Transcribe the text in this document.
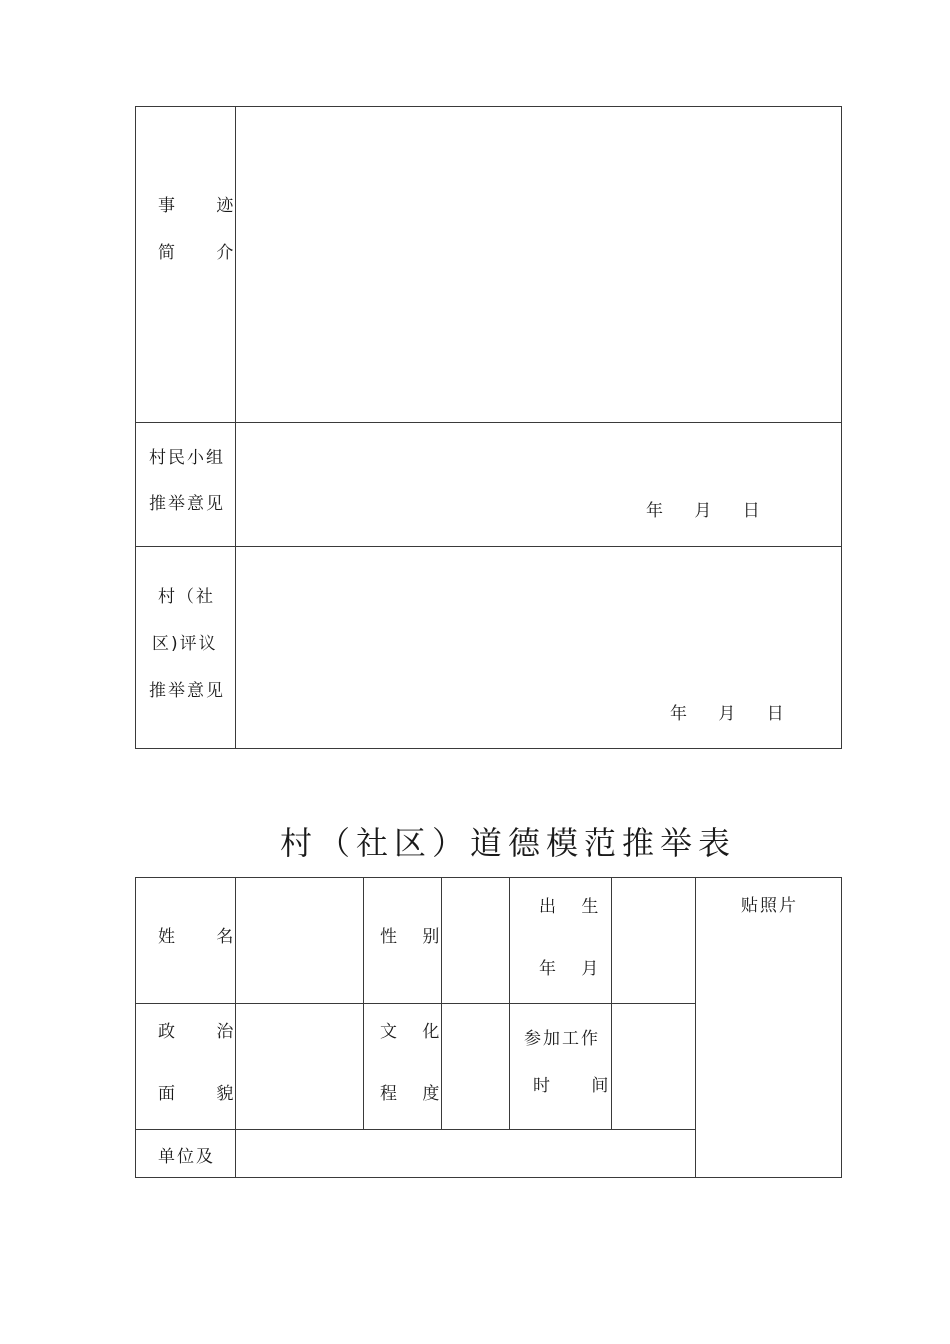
事 迹
简 介
村民小组
推举意见	年 月 日
村（社
区)评议
推举意见
年 月 日
村（社区）道德模范推举表
姓 名	性 别
出 生
年 月
贴照片
政 治
面 貌
文 化
程 度
参加工作
时 间
单位及
